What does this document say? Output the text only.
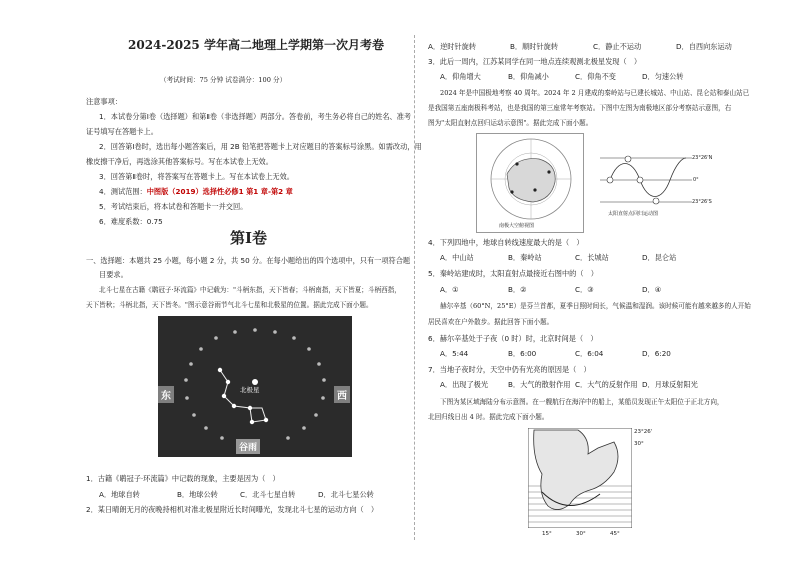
2024-2025 学年高二地理上学期第一次月考卷
（考试时间：75 分钟 试卷满分：100 分）
注意事项：
1．本试卷分第Ⅰ卷（选择题）和第Ⅱ卷（非选择题）两部分。答卷前，考生务必将自己的姓名、准考
证号填写在答题卡上。
2．回答第Ⅰ卷时，选出每小题答案后，用 2B 铅笔把答题卡上对应题目的答案标号涂黑。如需改动，用
橡皮擦干净后，再选涂其他答案标号。写在本试卷上无效。
3．回答第Ⅱ卷时，将答案写在答题卡上。写在本试卷上无效。
4．测试范围：中图版（2019）选择性必修1 第1 章-第2 章
5．考试结束后，将本试卷和答题卡一并交回。
6．难度系数：0.75
第Ⅰ卷
一、选择题：本题共 25 小题，每小题 2 分，共 50 分。在每小题给出的四个选项中，只有一项符合题
目要求。
北斗七星在古籍《鹖冠子·环流篇》中记载为："斗柄东指，天下皆春；斗柄南指，天下皆夏；斗柄西指，
天下皆秋；斗柄北指，天下皆冬。"图示意谷雨节气北斗七星和北极星的位置。据此完成下面小题。
东	西
北极星
谷雨
1．古籍《鹖冠子·环流篇》中记载的现象，主要是因为（　）
A．地球自转	B．地球公转	C．北斗七星自转	D．北斗七星公转
2．某日晴朗无月的夜晚持相机对准北极星附近长时间曝光，发现北斗七星的运动方向（　）
A．逆时针旋转	B．顺时针旋转	C．静止不运动	D．自西向东运动
3．此后一周内，江苏某同学在同一地点连续观测北极星发现（　）
A．仰角增大	B．仰角减小	C．仰角不变	D．匀速公转
2024 年是中国极地考察 40 周年。2024 年 2 月建成的秦岭站与已建长城站、中山站、昆仑站和泰山站已
是我国第五座南极科考站，也是我国的第三座常年考察站。下图中左图为南极地区部分考察站示意图，右
图为"太阳直射点回归运动示意图"。据此完成下面小题。
南极大空俯视图
23°26'N
0°
23°26'S
太阳直射点回归运动图
4．下列四地中，地球自转线速度最大的是（　）
A．中山站	B．秦岭站	C．长城站	D．昆仑站
5．秦岭站建成时，太阳直射点最接近右图中的（　）
A．①	B．②	C．③	D．④
赫尔辛基（60°N，25°E）是芬兰首都，夏季日照时间长，气候温和湿润。该时候可能有越来越多的人开始
居民喜欢在户外散步。据此回答下面小题。
6．赫尔辛基处于子夜（0 时）时，北京时间是（　）
A．5:44	B．6:00	C．6:04	D．6:20
7．当地子夜时分，天空中仍有光亮的原因是（　）
A．出现了极光	B．大气的散射作用 C．大气的反射作用 D．月球反射阳光
下图为某区域海陆分布示意图。在一艘航行在海洋中的船上，某船员发现正午太阳位于正北方向，
北回归线日出 4 时。据此完成下面小题。
23°26'
30°
15°	30°	45°
